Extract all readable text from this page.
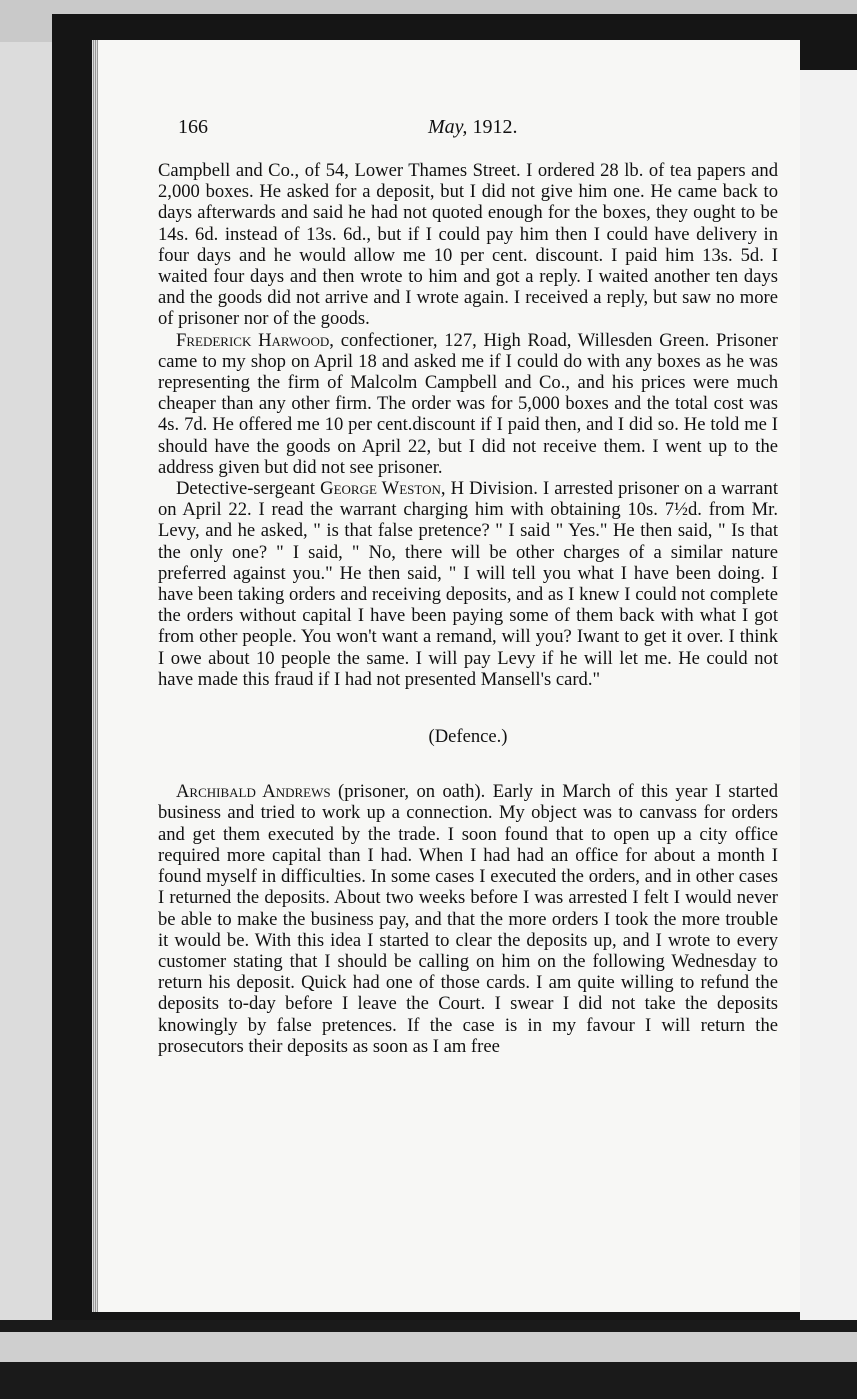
166	May, 1912.

Campbell and Co., of 54, Lower Thames Street. I ordered 28 lb. of tea papers and 2,000 boxes. He asked for a deposit, but I did not give him one. He came back to days afterwards and said he had not quoted enough for the boxes, they ought to be 14s. 6d. instead of 13s. 6d., but if I could pay him then I could have delivery in four days and he would allow me 10 per cent. discount. I paid him 13s. 5d. I waited four days and then wrote to him and got a reply. I waited another ten days and the goods did not arrive and I wrote again. I received a reply, but saw no more of prisoner nor of the goods.

Frederick Harwood, confectioner, 127, High Road, Willesden Green. Prisoner came to my shop on April 18 and asked me if I could do with any boxes as he was representing the firm of Malcolm Campbell and Co., and his prices were much cheaper than any other firm. The order was for 5,000 boxes and the total cost was 4s. 7d. He offered me 10 per cent.discount if I paid then, and I did so. He told me I should have the goods on April 22, but I did not receive them. I went up to the address given but did not see prisoner.

Detective-sergeant George Weston, H Division. I arrested prisoner on a warrant on April 22. I read the warrant charging him with obtaining 10s. 7½d. from Mr. Levy, and he asked, " is that false pretence? " I said " Yes." He then said, " Is that the only one? " I said, " No, there will be other charges of a similar nature preferred against you." He then said, " I will tell you what I have been doing. I have been taking orders and receiving deposits, and as I knew I could not complete the orders without capital I have been paying some of them back with what I got from other people. You won't want a remand, will you? Iwant to get it over. I think I owe about 10 people the same. I will pay Levy if he will let me. He could not have made this fraud if I had not presented Mansell's card."

(Defence.)

Archibald Andrews (prisoner, on oath). Early in March of this year I started business and tried to work up a connection. My object was to canvass for orders and get them executed by the trade. I soon found that to open up a city office required more capital than I had. When I had had an office for about a month I found myself in difficulties. In some cases I executed the orders, and in other cases I returned the deposits. About two weeks before I was arrested I felt I would never be able to make the business pay, and that the more orders I took the more trouble it would be. With this idea I started to clear the deposits up, and I wrote to every customer stating that I should be calling on him on the following Wednesday to return his deposit. Quick had one of those cards. I am quite willing to refund the deposits to-day before I leave the Court. I swear I did not take the deposits knowingly by false pretences. If the case is in my favour I will return the prosecutors their deposits as soon as I am free
